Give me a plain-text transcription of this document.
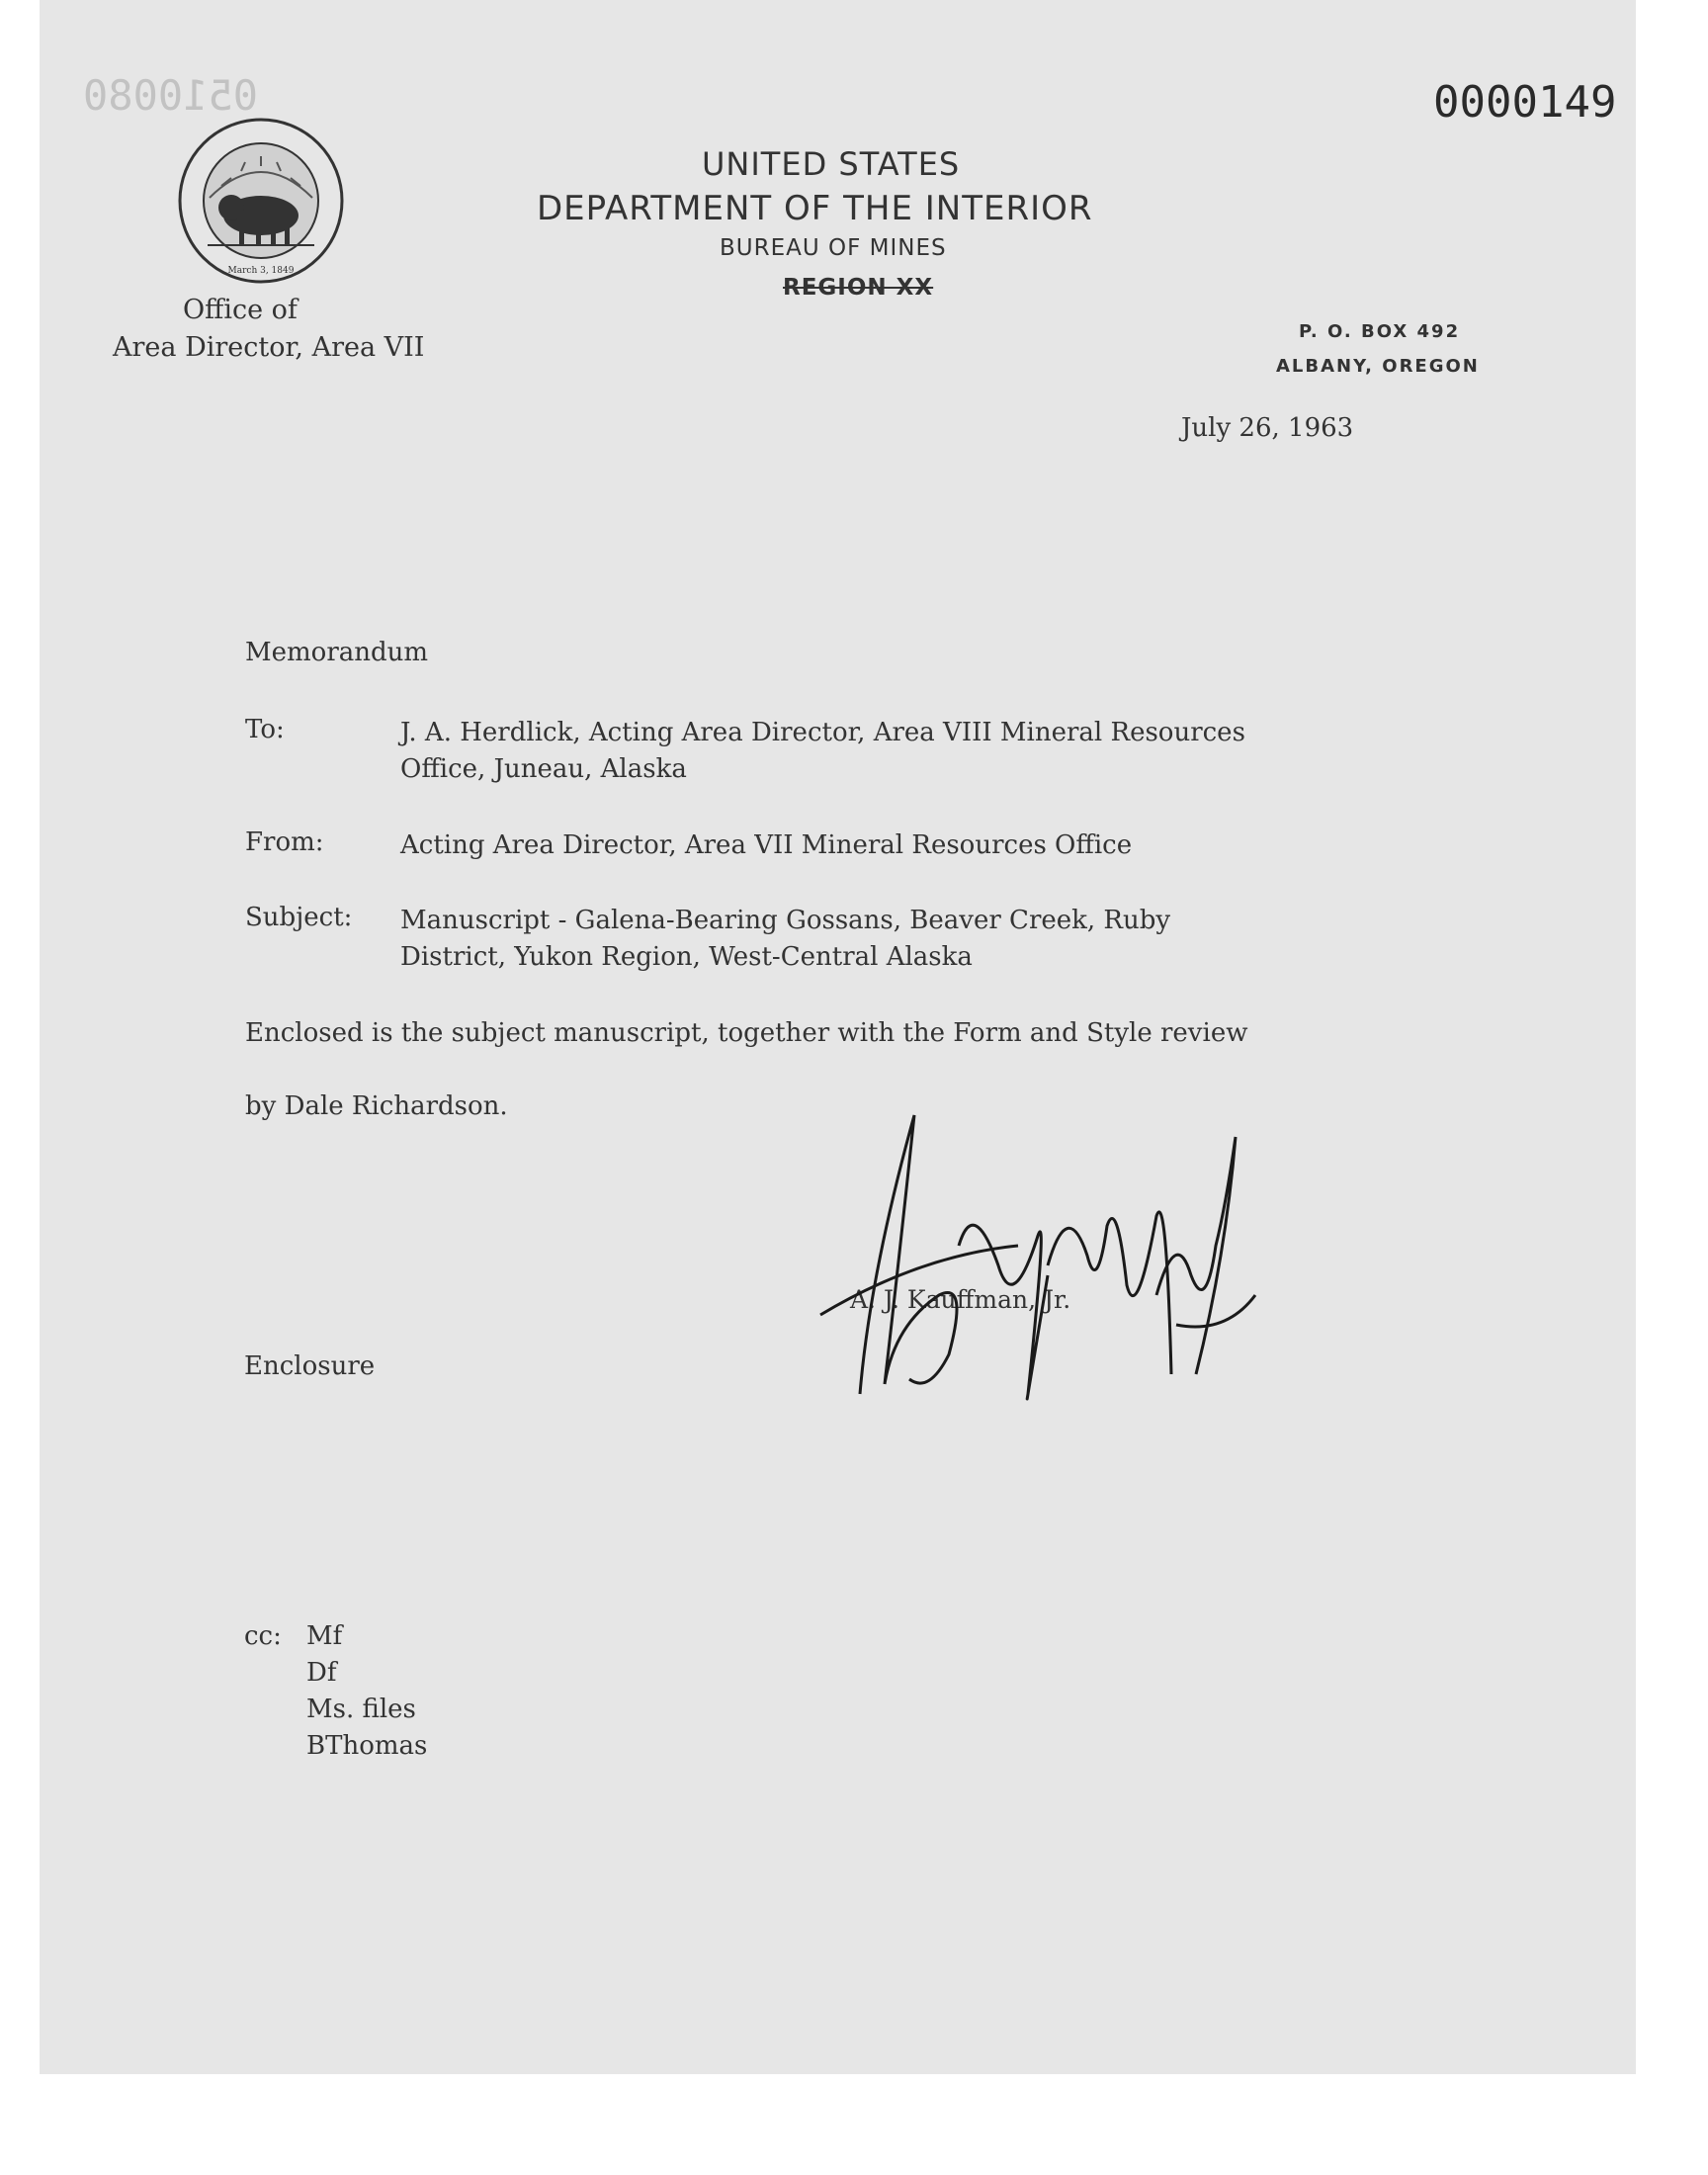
0510080	0000149
March 3, 1849
Office of
Area Director, Area VII
UNITED STATES
DEPARTMENT OF THE INTERIOR
BUREAU OF MINES
REGION XX
P. O. BOX 492
ALBANY, OREGON
July 26, 1963
Memorandum
To:	J. A. Herdlick, Acting Area Director, Area VIII Mineral Resources
Office, Juneau, Alaska
From:	Acting Area Director, Area VII Mineral Resources Office
Subject: Manuscript - Galena-Bearing Gossans, Beaver Creek, Ruby
District, Yukon Region, West-Central Alaska
Enclosed is the subject manuscript, together with the Form and Style review
by Dale Richardson.
A. J. Kauffman, Jr.
Enclosure
cc: Mf
Df
Ms. files
BThomas
